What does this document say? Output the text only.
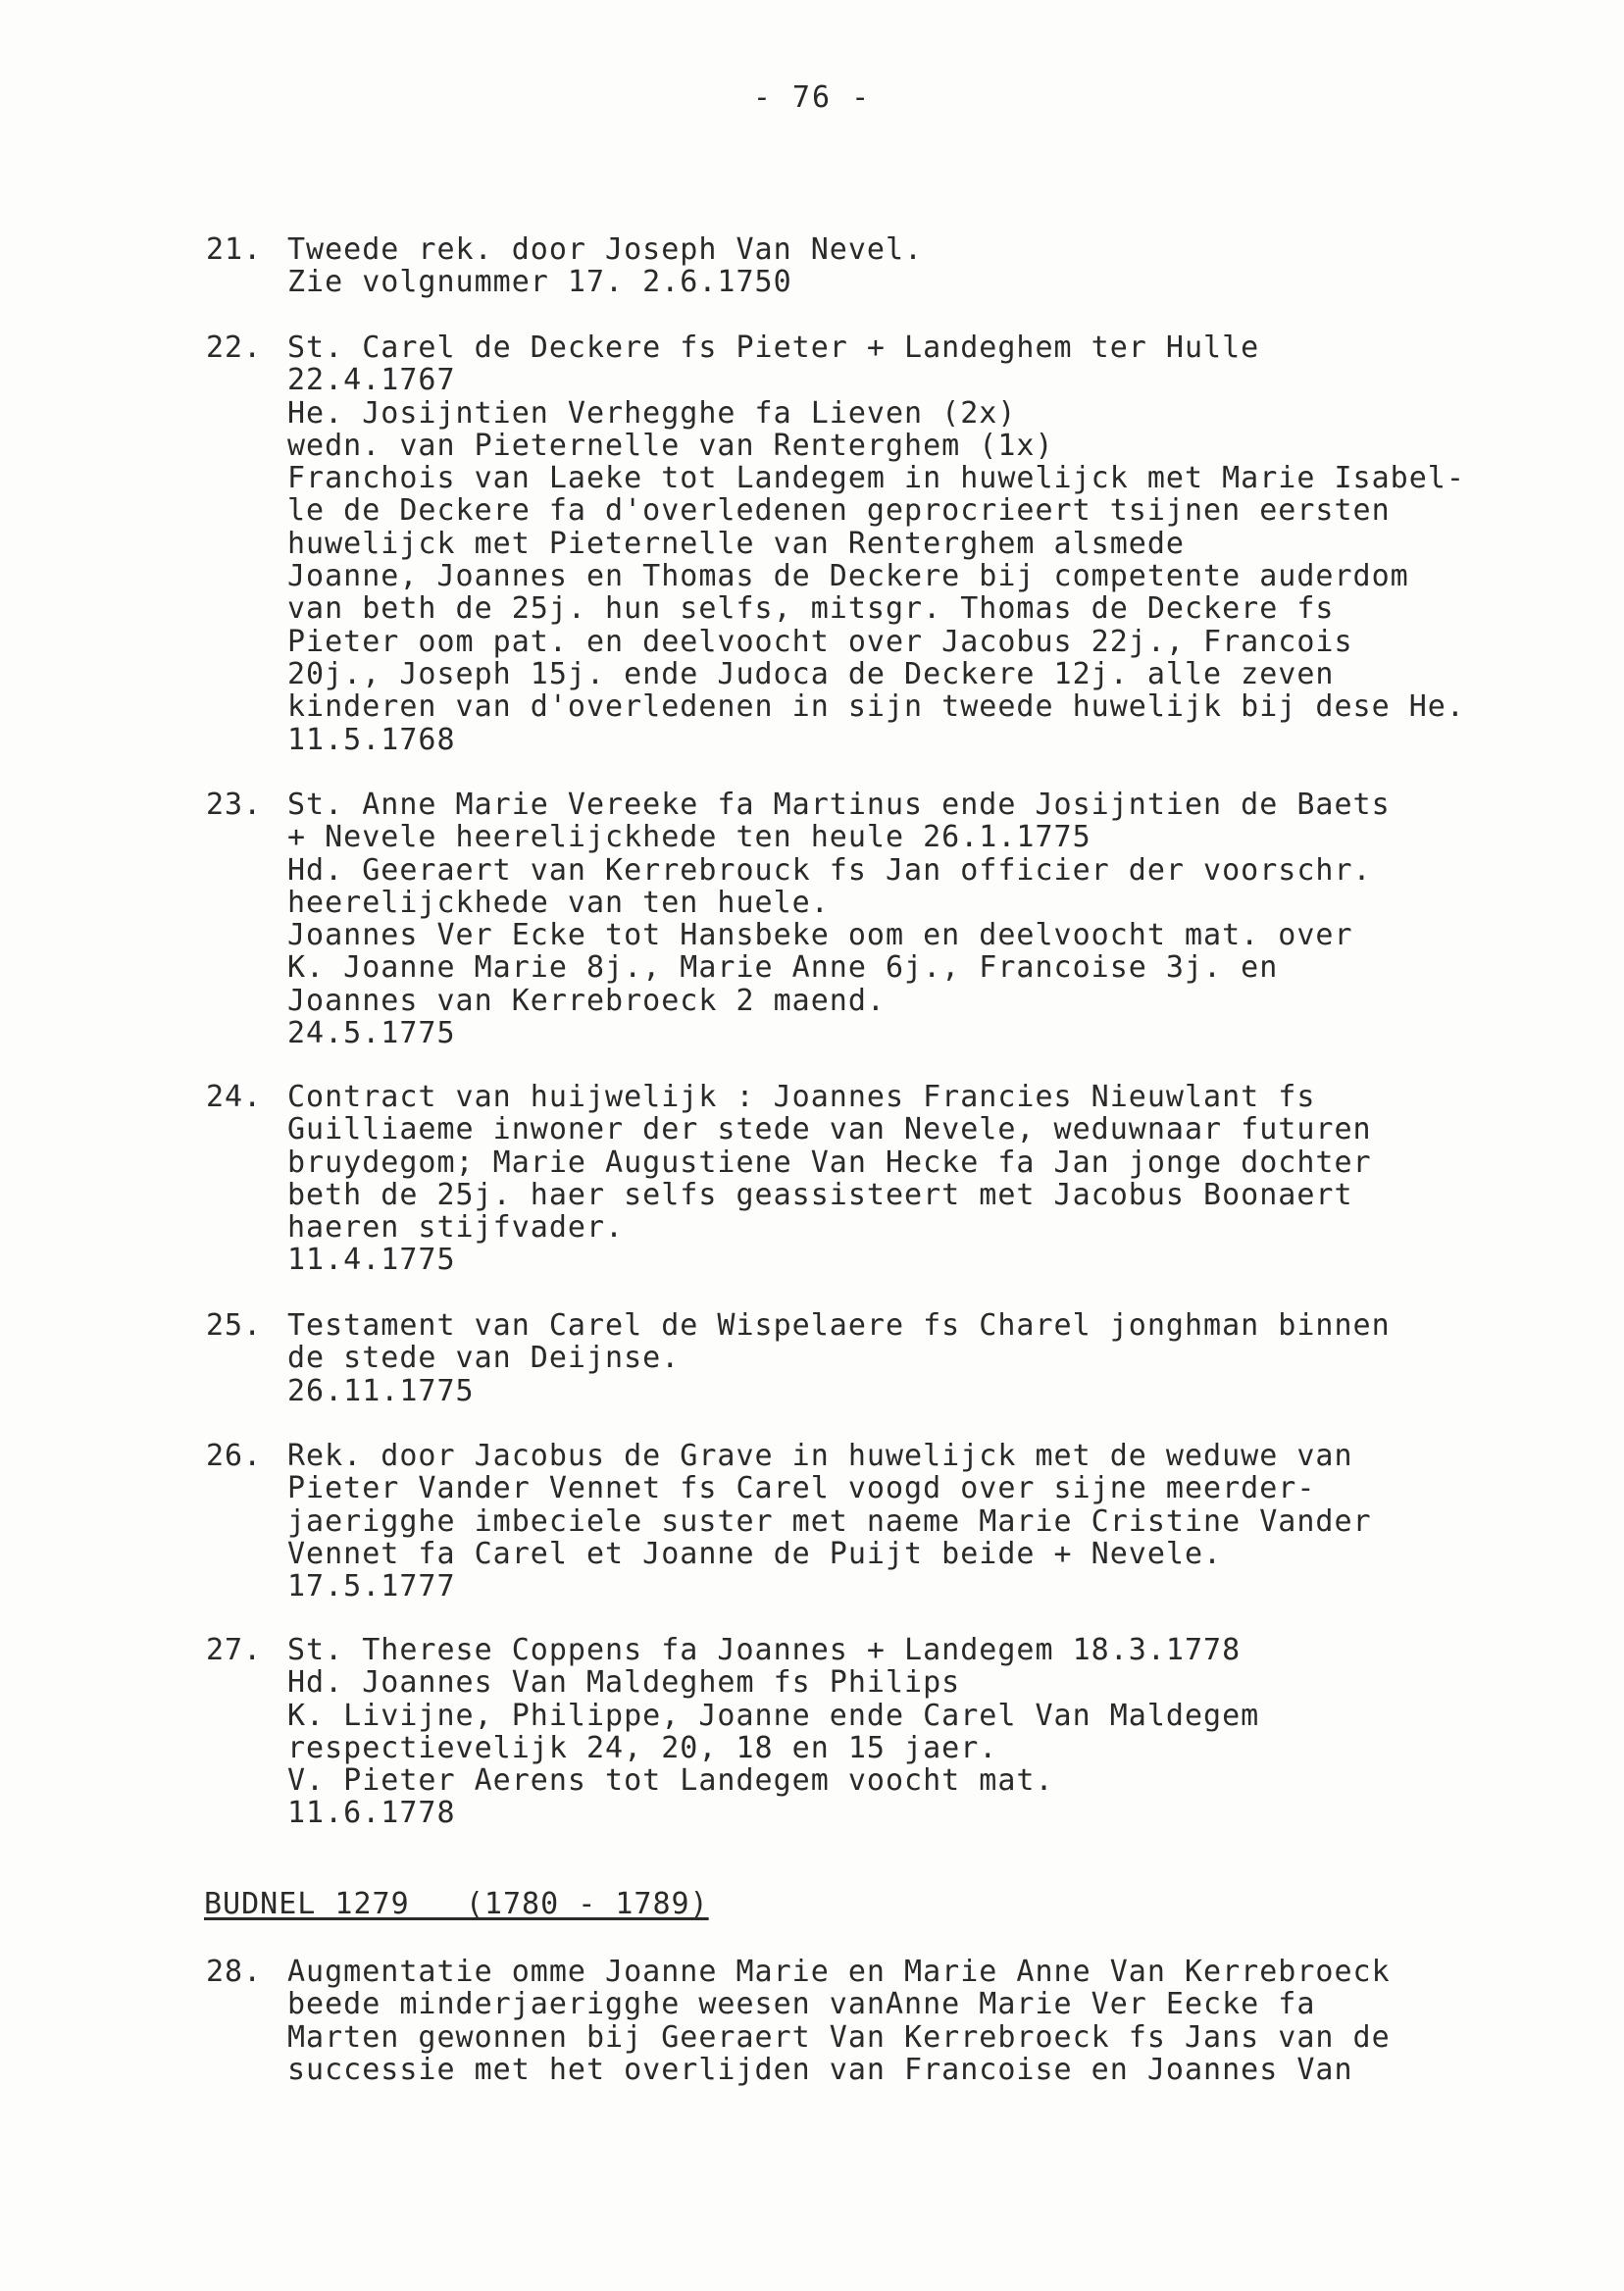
- 76 -
21. Tweede rek. door Joseph Van Nevel.
Zie volgnummer 17. 2.6.1750
22. St. Carel de Deckere fs Pieter + Landeghem ter Hulle
22.4.1767
He. Josijntien Verhegghe fa Lieven (2x)
wedn. van Pieternelle van Renterghem (1x)
Franchois van Laeke tot Landegem in huwelijck met Marie Isabel-
le de Deckere fa d'overledenen geprocrieert tsijnen eersten
huwelijck met Pieternelle van Renterghem alsmede
Joanne, Joannes en Thomas de Deckere bij competente auderdom
van beth de 25j. hun selfs, mitsgr. Thomas de Deckere fs
Pieter oom pat. en deelvoocht over Jacobus 22j., Francois
20j., Joseph 15j. ende Judoca de Deckere 12j. alle zeven
kinderen van d'overledenen in sijn tweede huwelijk bij dese He.
11.5.1768
23. St. Anne Marie Vereeke fa Martinus ende Josijntien de Baets
+ Nevele heerelijckhede ten heule 26.1.1775
Hd. Geeraert van Kerrebrouck fs Jan officier der voorschr.
heerelijckhede van ten huele.
Joannes Ver Ecke tot Hansbeke oom en deelvoocht mat. over
K. Joanne Marie 8j., Marie Anne 6j., Francoise 3j. en
Joannes van Kerrebroeck 2 maend.
24.5.1775
24. Contract van huijwelijk : Joannes Francies Nieuwlant fs
Guilliaeme inwoner der stede van Nevele, weduwnaar futuren
bruydegom; Marie Augustiene Van Hecke fa Jan jonge dochter
beth de 25j. haer selfs geassisteert met Jacobus Boonaert
haeren stijfvader.
11.4.1775
25. Testament van Carel de Wispelaere fs Charel jonghman binnen
de stede van Deijnse.
26.11.1775
26. Rek. door Jacobus de Grave in huwelijck met de weduwe van
Pieter Vander Vennet fs Carel voogd over sijne meerder-
jaerigghe imbeciele suster met naeme Marie Cristine Vander
Vennet fa Carel et Joanne de Puijt beide + Nevele.
17.5.1777
27. St. Therese Coppens fa Joannes + Landegem 18.3.1778
Hd. Joannes Van Maldeghem fs Philips
K. Livijne, Philippe, Joanne ende Carel Van Maldegem
respectievelijk 24, 20, 18 en 15 jaer.
V. Pieter Aerens tot Landegem voocht mat.
11.6.1778
BUDNEL 1279   (1780 - 1789)
28. Augmentatie omme Joanne Marie en Marie Anne Van Kerrebroeck
beede minderjaerigghe weesen vanAnne Marie Ver Eecke fa
Marten gewonnen bij Geeraert Van Kerrebroeck fs Jans van de
successie met het overlijden van Francoise en Joannes Van
